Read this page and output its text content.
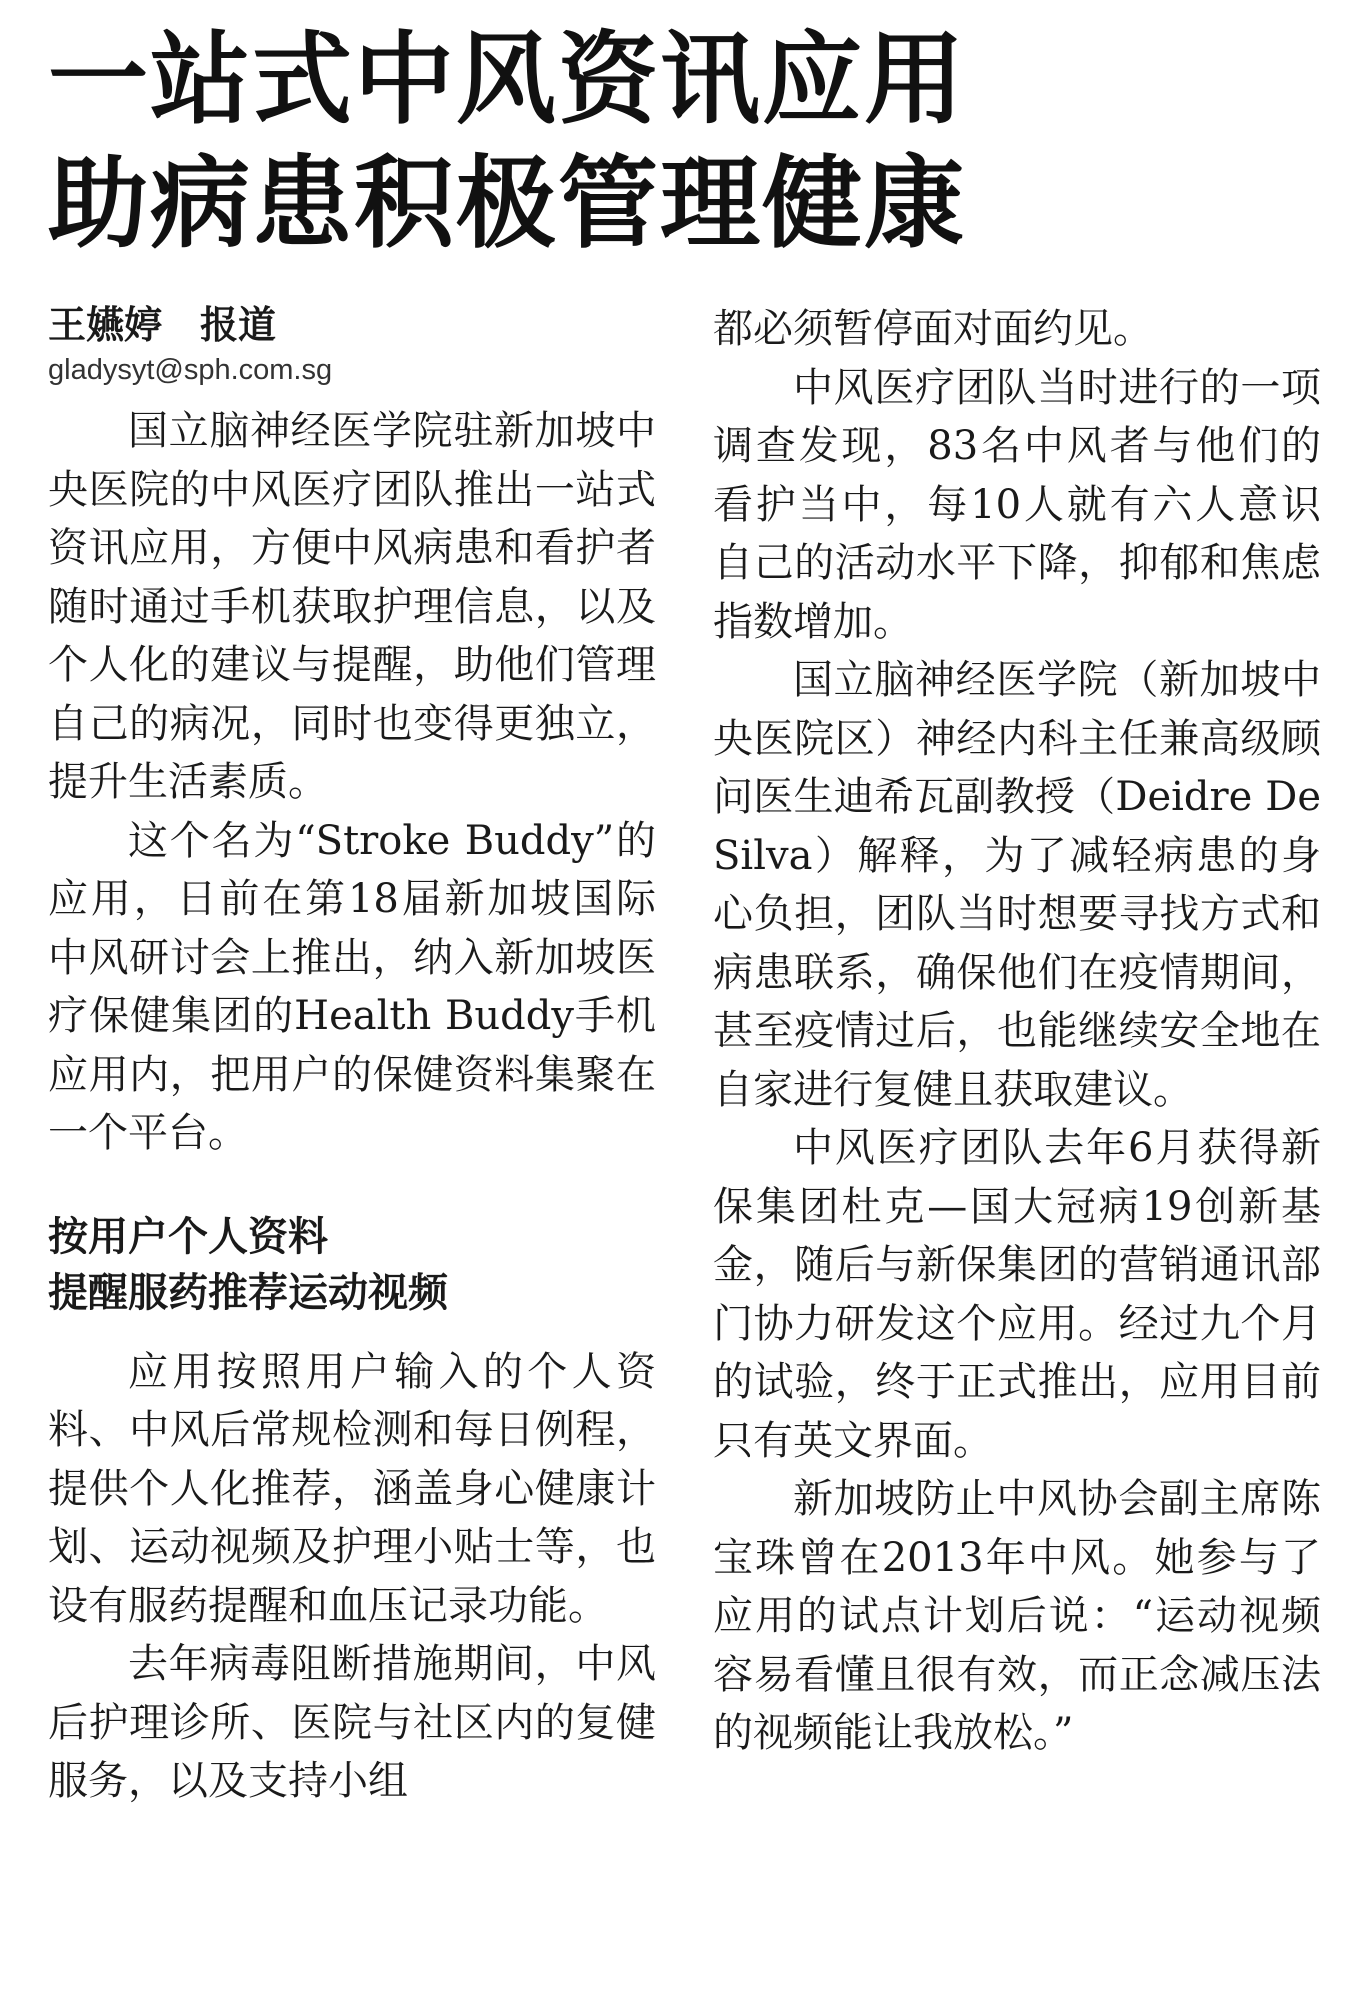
一站式中风资讯应用
助病患积极管理健康
王嬿婷　报道
gladysyt@sph.com.sg

国立脑神经医学院驻新加坡中央医院的中风医疗团队推出一站式资讯应用，方便中风病患和看护者随时通过手机获取护理信息，以及个人化的建议与提醒，助他们管理自己的病况，同时也变得更独立，提升生活素质。

这个名为“Stroke Buddy”的应用，日前在第18届新加坡国际中风研讨会上推出，纳入新加坡医疗保健集团的Health Buddy手机应用内，把用户的保健资料集聚在一个平台。

按用户个人资料
提醒服药推荐运动视频

应用按照用户输入的个人资料、中风后常规检测和每日例程，提供个人化推荐，涵盖身心健康计划、运动视频及护理小贴士等，也设有服药提醒和血压记录功能。

去年病毒阻断措施期间，中风后护理诊所、医院与社区内的复健服务，以及支持小组

都必须暂停面对面约见。

中风医疗团队当时进行的一项调查发现，83名中风者与他们的看护当中，每10人就有六人意识自己的活动水平下降，抑郁和焦虑指数增加。

国立脑神经医学院（新加坡中央医院区）神经内科主任兼高级顾问医生迪希瓦副教授（Deidre De Silva）解释，为了减轻病患的身心负担，团队当时想要寻找方式和病患联系，确保他们在疫情期间，甚至疫情过后，也能继续安全地在自家进行复健且获取建议。

中风医疗团队去年6月获得新保集团杜克—国大冠病19创新基金，随后与新保集团的营销通讯部门协力研发这个应用。经过九个月的试验，终于正式推出，应用目前只有英文界面。

新加坡防止中风协会副主席陈宝珠曾在2013年中风。她参与了应用的试点计划后说：“运动视频容易看懂且很有效，而正念减压法的视频能让我放松。”
